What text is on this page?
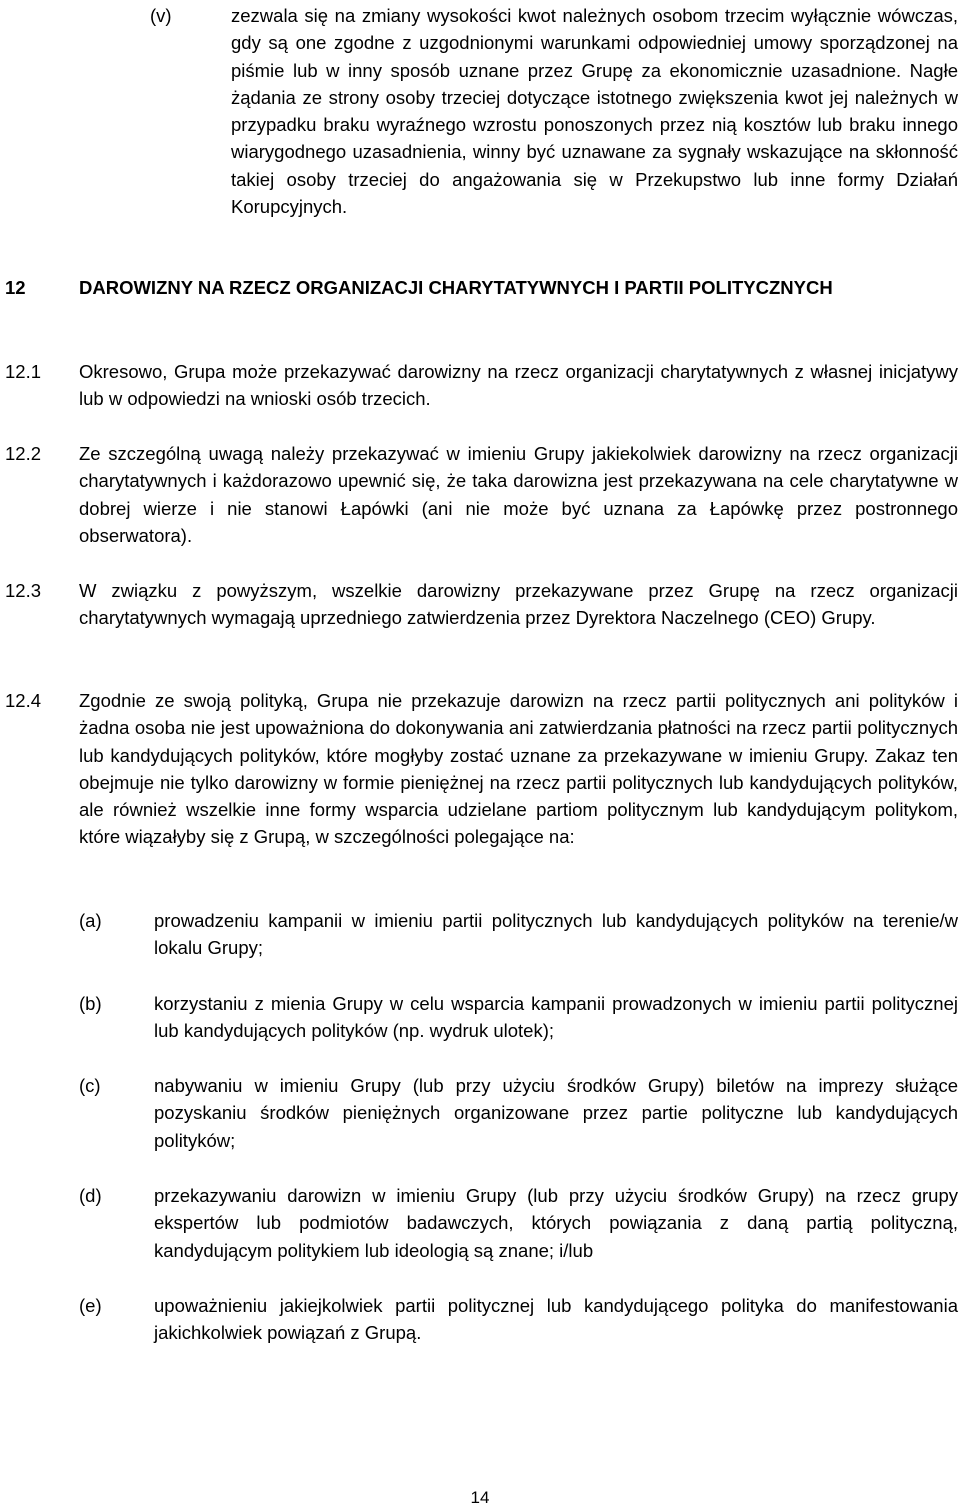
(v)	zezwala się na zmiany wysokości kwot należnych osobom trzecim wyłącznie wówczas, gdy są one zgodne z uzgodnionymi warunkami odpowiedniej umowy sporządzonej na piśmie lub w inny sposób uznane przez Grupę za ekonomicznie uzasadnione. Nagłe żądania ze strony osoby trzeciej dotyczące istotnego zwiększenia kwot jej należnych w przypadku braku wyraźnego wzrostu ponoszonych przez nią kosztów lub braku innego wiarygodnego uzasadnienia, winny być uznawane za sygnały wskazujące na skłonność takiej osoby trzeciej do angażowania się w Przekupstwo lub inne formy Działań Korupcyjnych.
12	DAROWIZNY NA RZECZ ORGANIZACJI CHARYTATYWNYCH I PARTII POLITYCZNYCH
12.1 Okresowo, Grupa może przekazywać darowizny na rzecz organizacji charytatywnych z własnej inicjatywy lub w odpowiedzi na wnioski osób trzecich.
12.2 Ze szczególną uwagą należy przekazywać w imieniu Grupy jakiekolwiek darowizny na rzecz organizacji charytatywnych i każdorazowo upewnić się, że taka darowizna jest przekazywana na cele charytatywne w dobrej wierze i nie stanowi Łapówki (ani nie może być uznana za Łapówkę przez postronnego obserwatora).
12.3 W związku z powyższym, wszelkie darowizny przekazywane przez Grupę na rzecz organizacji charytatywnych wymagają uprzedniego zatwierdzenia przez Dyrektora Naczelnego (CEO) Grupy.
12.4 Zgodnie ze swoją polityką, Grupa nie przekazuje darowizn na rzecz partii politycznych ani polityków i żadna osoba nie jest upoważniona do dokonywania ani zatwierdzania płatności na rzecz partii politycznych lub kandydujących polityków, które mogłyby zostać uznane za przekazywane w imieniu Grupy. Zakaz ten obejmuje nie tylko darowizny w formie pieniężnej na rzecz partii politycznych lub kandydujących polityków, ale również wszelkie inne formy wsparcia udzielane partiom politycznym lub kandydującym politykom, które wiązałyby się z Grupą, w szczególności polegające na:
(a)	prowadzeniu kampanii w imieniu partii politycznych lub kandydujących polityków na terenie/w lokalu Grupy;
(b)	korzystaniu z mienia Grupy w celu wsparcia kampanii prowadzonych w imieniu partii politycznej lub kandydujących polityków (np. wydruk ulotek);
(c)	nabywaniu w imieniu Grupy (lub przy użyciu środków Grupy) biletów na imprezy służące pozyskaniu środków pieniężnych organizowane przez partie polityczne lub kandydujących polityków;
(d)	przekazywaniu darowizn w imieniu Grupy (lub przy użyciu środków Grupy) na rzecz grupy ekspertów lub podmiotów badawczych, których powiązania z daną partią polityczną, kandydującym politykiem lub ideologią są znane; i/lub
(e)	upoważnieniu jakiejkolwiek partii politycznej lub kandydującego polityka do manifestowania jakichkolwiek powiązań z Grupą.
14
